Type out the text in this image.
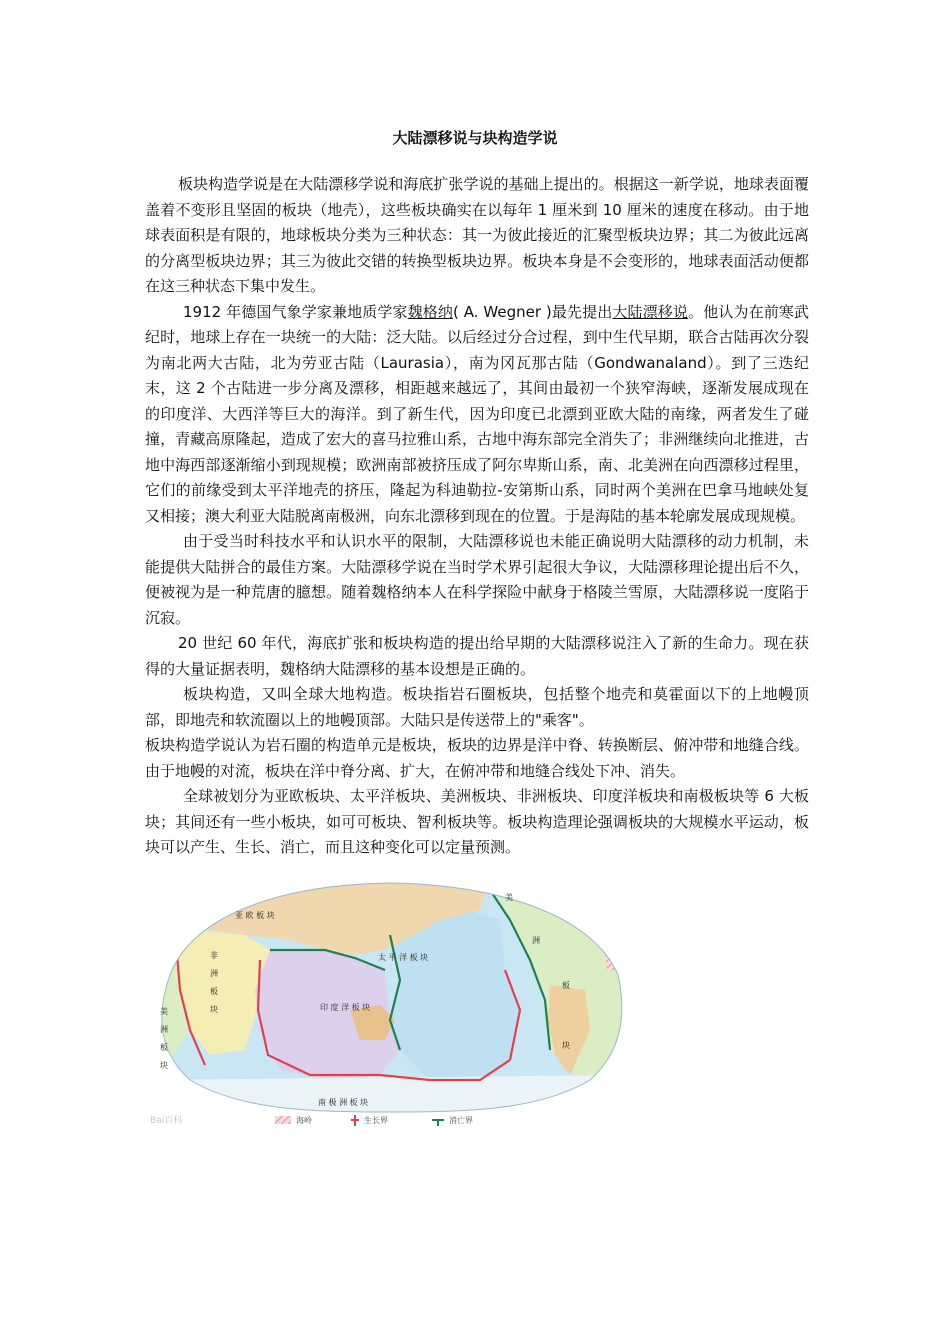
大陆漂移说与块构造学说

板块构造学说是在大陆漂移学说和海底扩张学说的基础上提出的。根据这一新学说，地球表面覆盖着不变形且坚固的板块（地壳），这些板块确实在以每年 1 厘米到 10 厘米的速度在移动。由于地球表面积是有限的，地球板块分类为三种状态：其一为彼此接近的汇聚型板块边界；其二为彼此远离的分离型板块边界；其三为彼此交错的转换型板块边界。板块本身是不会变形的，地球表面活动便都在这三种状态下集中发生。

1912 年德国气象学家兼地质学家魏格纳( A. Wegner )最先提出大陆漂移说。他认为在前寒武纪时，地球上存在一块统一的大陆：泛大陆。以后经过分合过程，到中生代早期，联合古陆再次分裂为南北两大古陆，北为劳亚古陆（Laurasia），南为冈瓦那古陆（Gondwanaland）。到了三迭纪末，这 2 个古陆进一步分离及漂移，相距越来越远了，其间由最初一个狭窄海峡，逐渐发展成现在的印度洋、大西洋等巨大的海洋。到了新生代，因为印度已北漂到亚欧大陆的南缘，两者发生了碰撞，青藏高原隆起，造成了宏大的喜马拉雅山系，古地中海东部完全消失了；非洲继续向北推进，古地中海西部逐渐缩小到现规模；欧洲南部被挤压成了阿尔卑斯山系，南、北美洲在向西漂移过程里，它们的前缘受到太平洋地壳的挤压，隆起为科迪勒拉-安第斯山系，同时两个美洲在巴拿马地峡处复又相接；澳大利亚大陆脱离南极洲，向东北漂移到现在的位置。于是海陆的基本轮廓发展成现规模。

由于受当时科技水平和认识水平的限制，大陆漂移说也未能正确说明大陆漂移的动力机制，未能提供大陆拼合的最佳方案。大陆漂移学说在当时学术界引起很大争议，大陆漂移理论提出后不久，便被视为是一种荒唐的臆想。随着魏格纳本人在科学探险中献身于格陵兰雪原，大陆漂移说一度陷于沉寂。

20 世纪 60 年代，海底扩张和板块构造的提出给早期的大陆漂移说注入了新的生命力。现在获得的大量证据表明，魏格纳大陆漂移的基本设想是正确的。

板块构造，又叫全球大地构造。板块指岩石圈板块，包括整个地壳和莫霍面以下的上地幔顶部，即地壳和软流圈以上的地幔顶部。大陆只是传送带上的"乘客"。

板块构造学说认为岩石圈的构造单元是板块，板块的边界是洋中脊、转换断层、俯冲带和地缝合线。由于地幔的对流，板块在洋中脊分离、扩大，在俯冲带和地缝合线处下冲、消失。

全球被划分为亚欧板块、太平洋板块、美洲板块、非洲板块、印度洋板块和南极板块等 6 大板块；其间还有一些小板块，如可可板块、智利板块等。板块构造理论强调板块的大规模水平运动，板块可以产生、生长、消亡，而且这种变化可以定量预测。

亚 欧 板 块
太 平 洋 板 块
印 度 洋 板 块
南 极 洲 板 块
非
洲
板
块
美
洲
板
块
美
洲
板
块
Bai百科	海岭	生长界	消亡界
